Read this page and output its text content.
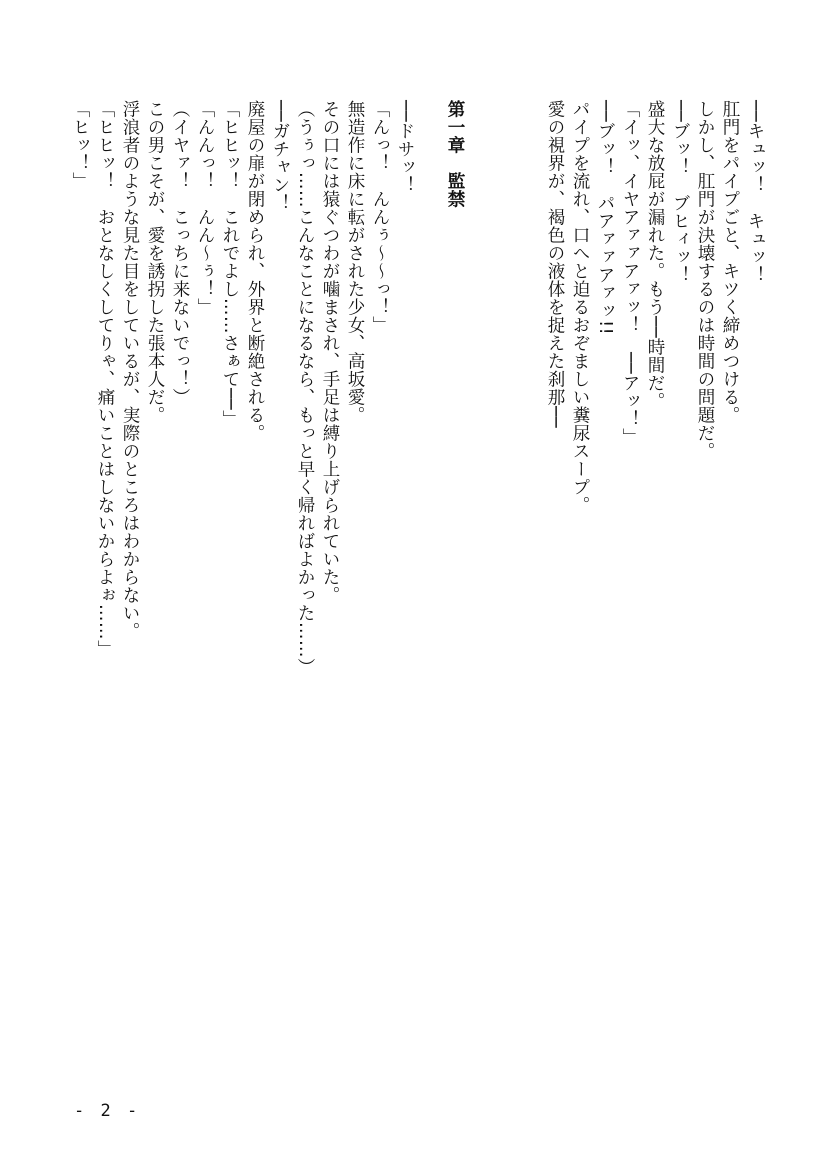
──キュッ！　キュッ！
肛門をパイプごと、キツく締めつける。
しかし、肛門が決壊するのは時間の問題だ。
──ブッ！　ブヒィッ！
盛大な放屁が漏れた。もう──時間だ。
「イッ、イヤアァァアァッ！　──アッ！」
──ブッ！　パアァァアァッ!!
パイプを流れ、口へと迫るおぞましい糞尿スープ。
愛の視界が、褐色の液体を捉えた刹那──
第一章　監禁
──ドサッ！
「んっ！　んんぅ〜〜っ！」
無造作に床に転がされた少女、高坂愛。
その口には猿ぐつわが噛まされ、手足は縛り上げられていた。
（うぅっ……こんなことになるなら、もっと早く帰ればよかった……）
──ガチャン！
廃屋の扉が閉められ、外界と断絶される。
「ヒヒッ！　これでよし……さぁて──」
「んんっ！　んん〜ぅ！」
（イヤァ！　こっちに来ないでっ！）
この男こそが、愛を誘拐した張本人だ。
浮浪者のような見た目をしているが、実際のところはわからない。
「ヒヒッ！　おとなしくしてりゃ、痛いことはしないからよぉ……」
「ヒッ！」
- 2 -
